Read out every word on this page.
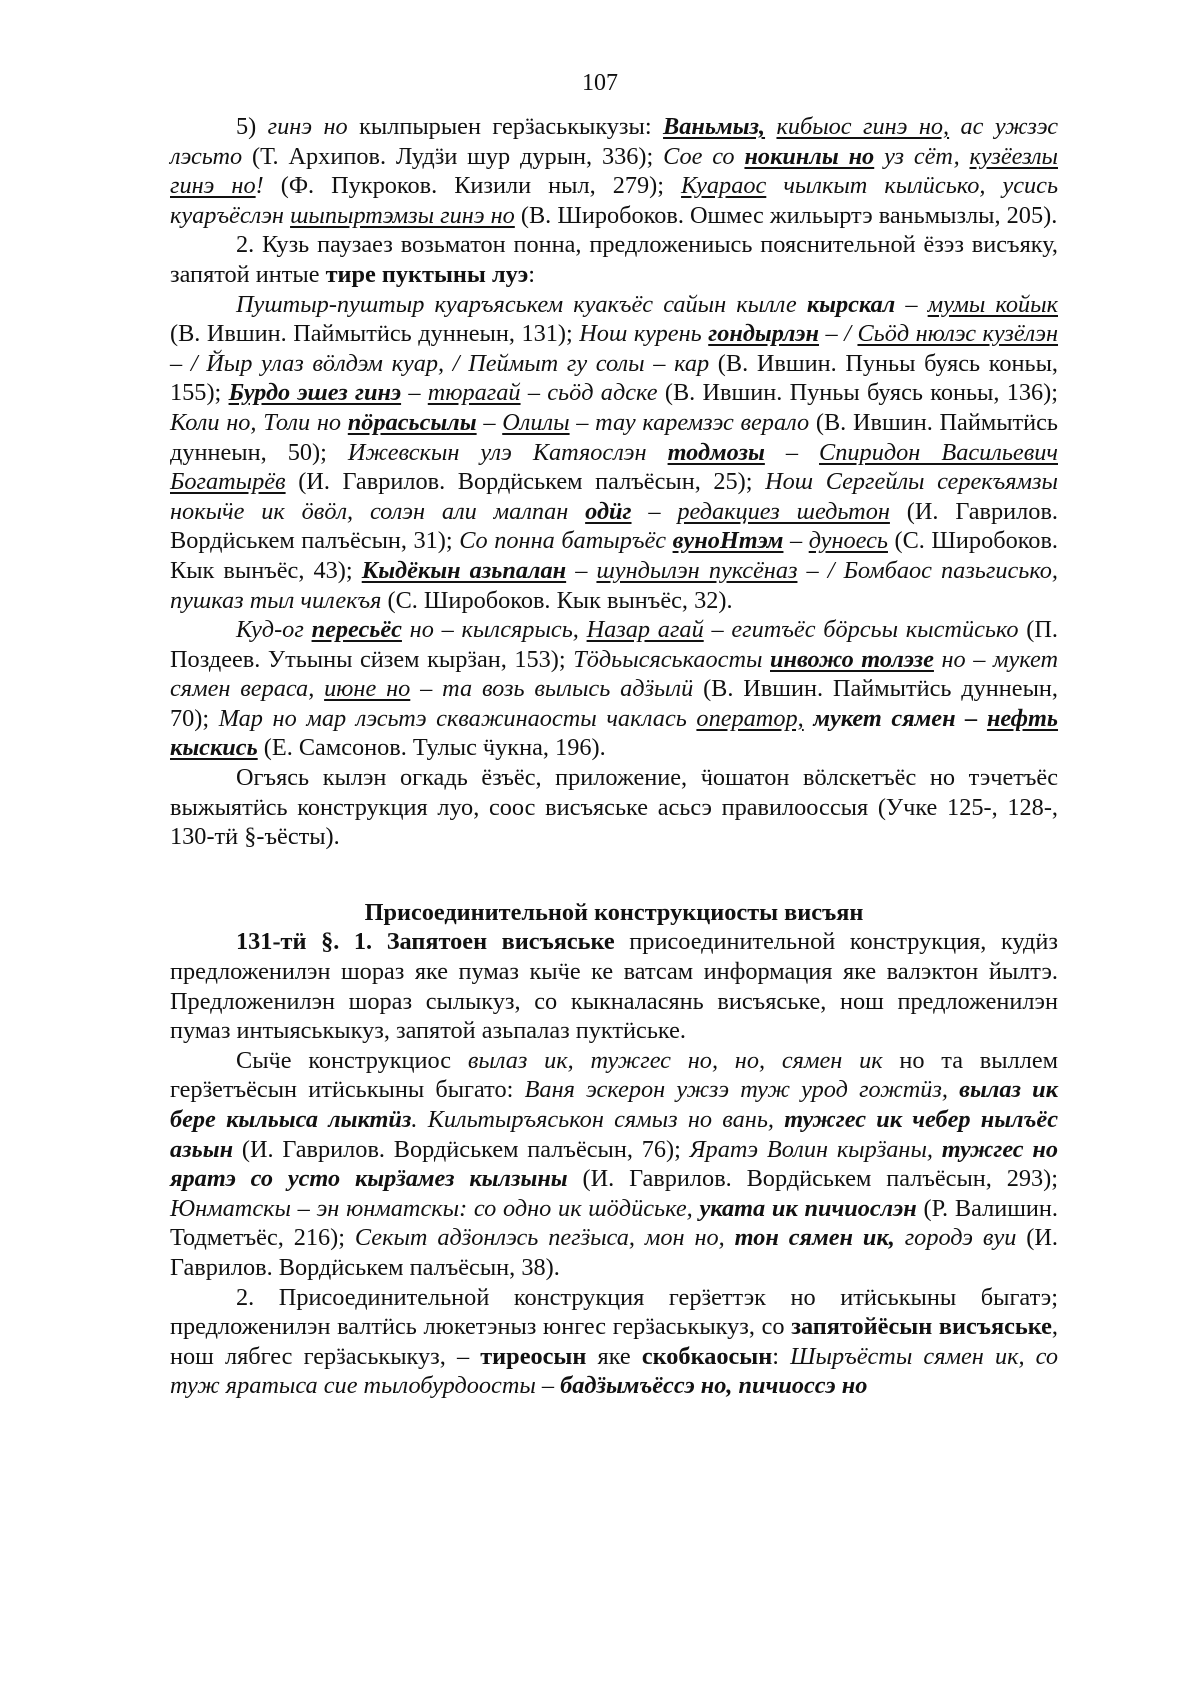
107

5) гинэ но кылпырыен герӟаськыкузы: Ваньмыз, кибыос гинэ но, ас ужзэс лэсьто (Т. Архипов. Лудӟи шур дурын, 336); Сое со нокинлы но уз сёт, кузёезлы гинэ но! (Ф. Пукроков. Кизили ныл, 279); Куараос чылкыт кылӥсько, усись куаръёслэн шыпыртэмзы гинэ но (В. Широбоков. Ошмес жильыртэ ваньмызлы, 205).

2. Кузь паузаез возьматон понна, предложениысь пояснительной ёзэз висъяку, запятой интые тире пуктыны луэ:

Пуштыр-пуштыр куаръяськем куакъёс сайын кылле кырскал – мумы койык (В. Ившин. Паймытӥсь дуннеын, 131); Нош курень гондырлэн – / Сьӧд нюлэс кузёлэн – / Йыр улаз вӧлдэм куар, / Пеймыт гу солы – кар (В. Ившин. Пуньы буясь коньы, 155); Бурдо эшез гинэ – тюрагай – сьӧд адске (В. Ившин. Пуньы буясь коньы, 136); Коли но, Толи но пӧрасьсылы – Олилы – тау каремзэс верало (В. Ившин. Паймытӥсь дуннеын, 50); Ижевскын улэ Катяослэн тодмозы – Спиридон Васильевич Богатырёв (И. Гаврилов. Вордӥськем палъёсын, 25); Нош Сергейлы серекъямзы нокыӵе ик ӧвӧл, солэн али малпан одӥг – редакциез шедьтон (И. Гаврилов. Вордӥськем палъёсын, 31); Со понна батыръёс вуноНтэм – дуноесь (С. Широбоков. Кык вынъёс, 43); Кыдёкын азьпалан – шундылэн пуксёназ – / Бомбаос пазьгисько, пушказ тыл чилекъя (С. Широбоков. Кык вынъёс, 32).

Куд-ог пересьёс но – кылсярысь, Назар агай – егитъёс бӧрсьы кыстӥсько (П. Поздеев. Утьыны сӥзем кырӟан, 153); Тӧдьысяськаосты инвожо толэзе но – мукет сямен вераса, июне но – та возь вылысь адӟылӥ (В. Ившин. Паймытӥсь дуннеын, 70); Мар но мар лэсьтэ скважинаосты чаклась оператор, мукет сямен – нефть кыскись (Е. Самсонов. Тулыс ӵукна, 196).

Огъясь кылэн огкадь ёзъёс, приложение, ӵошатон вӧлскетъёс но тэчетъёс выжыятӥсь конструкция луо, соос висъяське асьсэ правилооссыя (Учке 125-, 128-, 130-тӥ §-ъёсты).

Присоединительной конструкциосты висъян

131-тӥ §. 1. Запятоен висъяське присоединительной конструкция, кудӥз предложенилэн шораз яке пумаз кыӵе ке ватсам информация яке валэктон йылтэ. Предложенилэн шораз сылыкуз, со кыкналасянь висъяське, нош предложенилэн пумаз интыяськыкуз, запятой азьпалаз пуктӥське.

Сыӵе конструкциос вылаз ик, тужгес но, но, сямен ик но та выллем герӟетъёсын итӥськыны быгато: Ваня эскерон ужзэ туж урод гожтӥз, вылаз ик бере кыльыса лыктӥз. Кильтыръяськон сямыз но вань, тужгес ик чебер нылъёс азьын (И. Гаврилов. Вордӥськем палъёсын, 76); Яратэ Волин кырӟаны, тужгес но яратэ со усто кырӟамез кылзыны (И. Гаврилов. Вордӥськем палъёсын, 293); Юнматскы – эн юнматскы: со одно ик шӧдӥське, уката ик пичиослэн (Р. Валишин. Тодметъёс, 216); Секыт адӟонлэсь пегӟыса, мон но, тон сямен ик, городэ вуи (И. Гаврилов. Вордӥськем палъёсын, 38).

2. Присоединительной конструкция герӟеттэк но итӥськыны быгатэ; предложенилэн валтӥсь люкетэныз юнгес герӟаськыкуз, со запятойёсын висъяське, нош лябгес герӟаськыкуз, – тиреосын яке скобкаосын: Шыръёсты сямен ик, со туж яратыса сие тылобурдооcты – бадӟымъёссэ но, пичиоссэ но
